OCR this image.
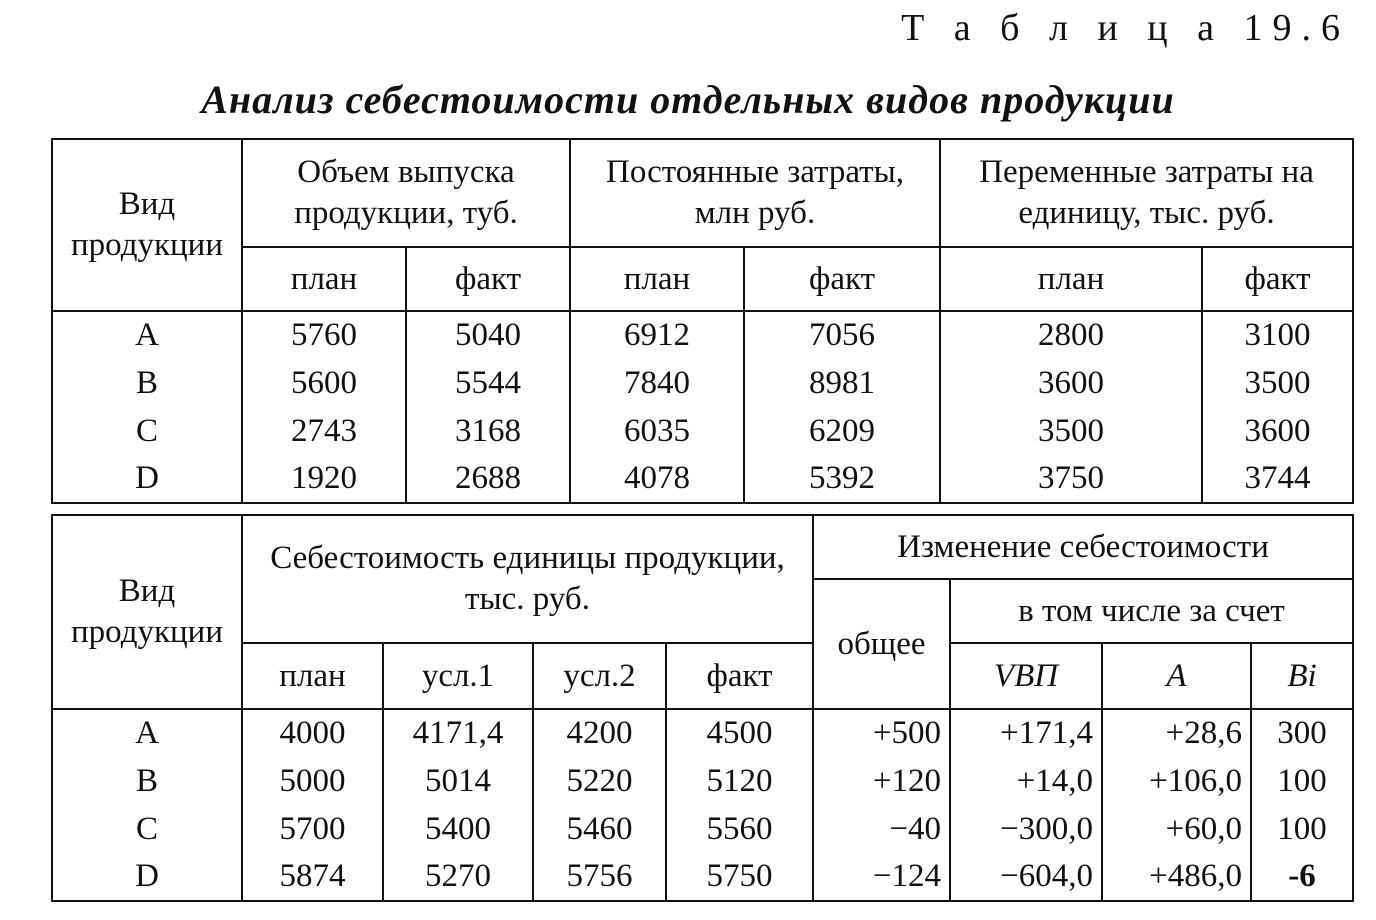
Т а б л и ц а 19.6
Анализ себестоимости отдельных видов продукции
Вид продукции	Объем выпуска продукции, туб.		Постоянные затраты, млн руб.		Переменные затраты на единицу, тыс. руб.	
	план	факт	план	факт	план	факт
A	5760	5040	6912	7056	2800	3100
B	5600	5544	7840	8981	3600	3500
C	2743	3168	6035	6209	3500	3600
D	1920	2688	4078	5392	3750	3744
Вид продукции	Себестоимость единицы продукции, тыс. руб.				Изменение себестоимости			
					общее	в том числе за счет		
	план	усл.1	усл.2	факт		VВП	A	Bi
A	4000	4171,4	4200	4500	+500	+171,4	+28,6	300
B	5000	5014	5220	5120	+120	+14,0	+106,0	100
C	5700	5400	5460	5560	−40	−300,0	+60,0	100
D	5874	5270	5756	5750	−124	−604,0	+486,0	-6
